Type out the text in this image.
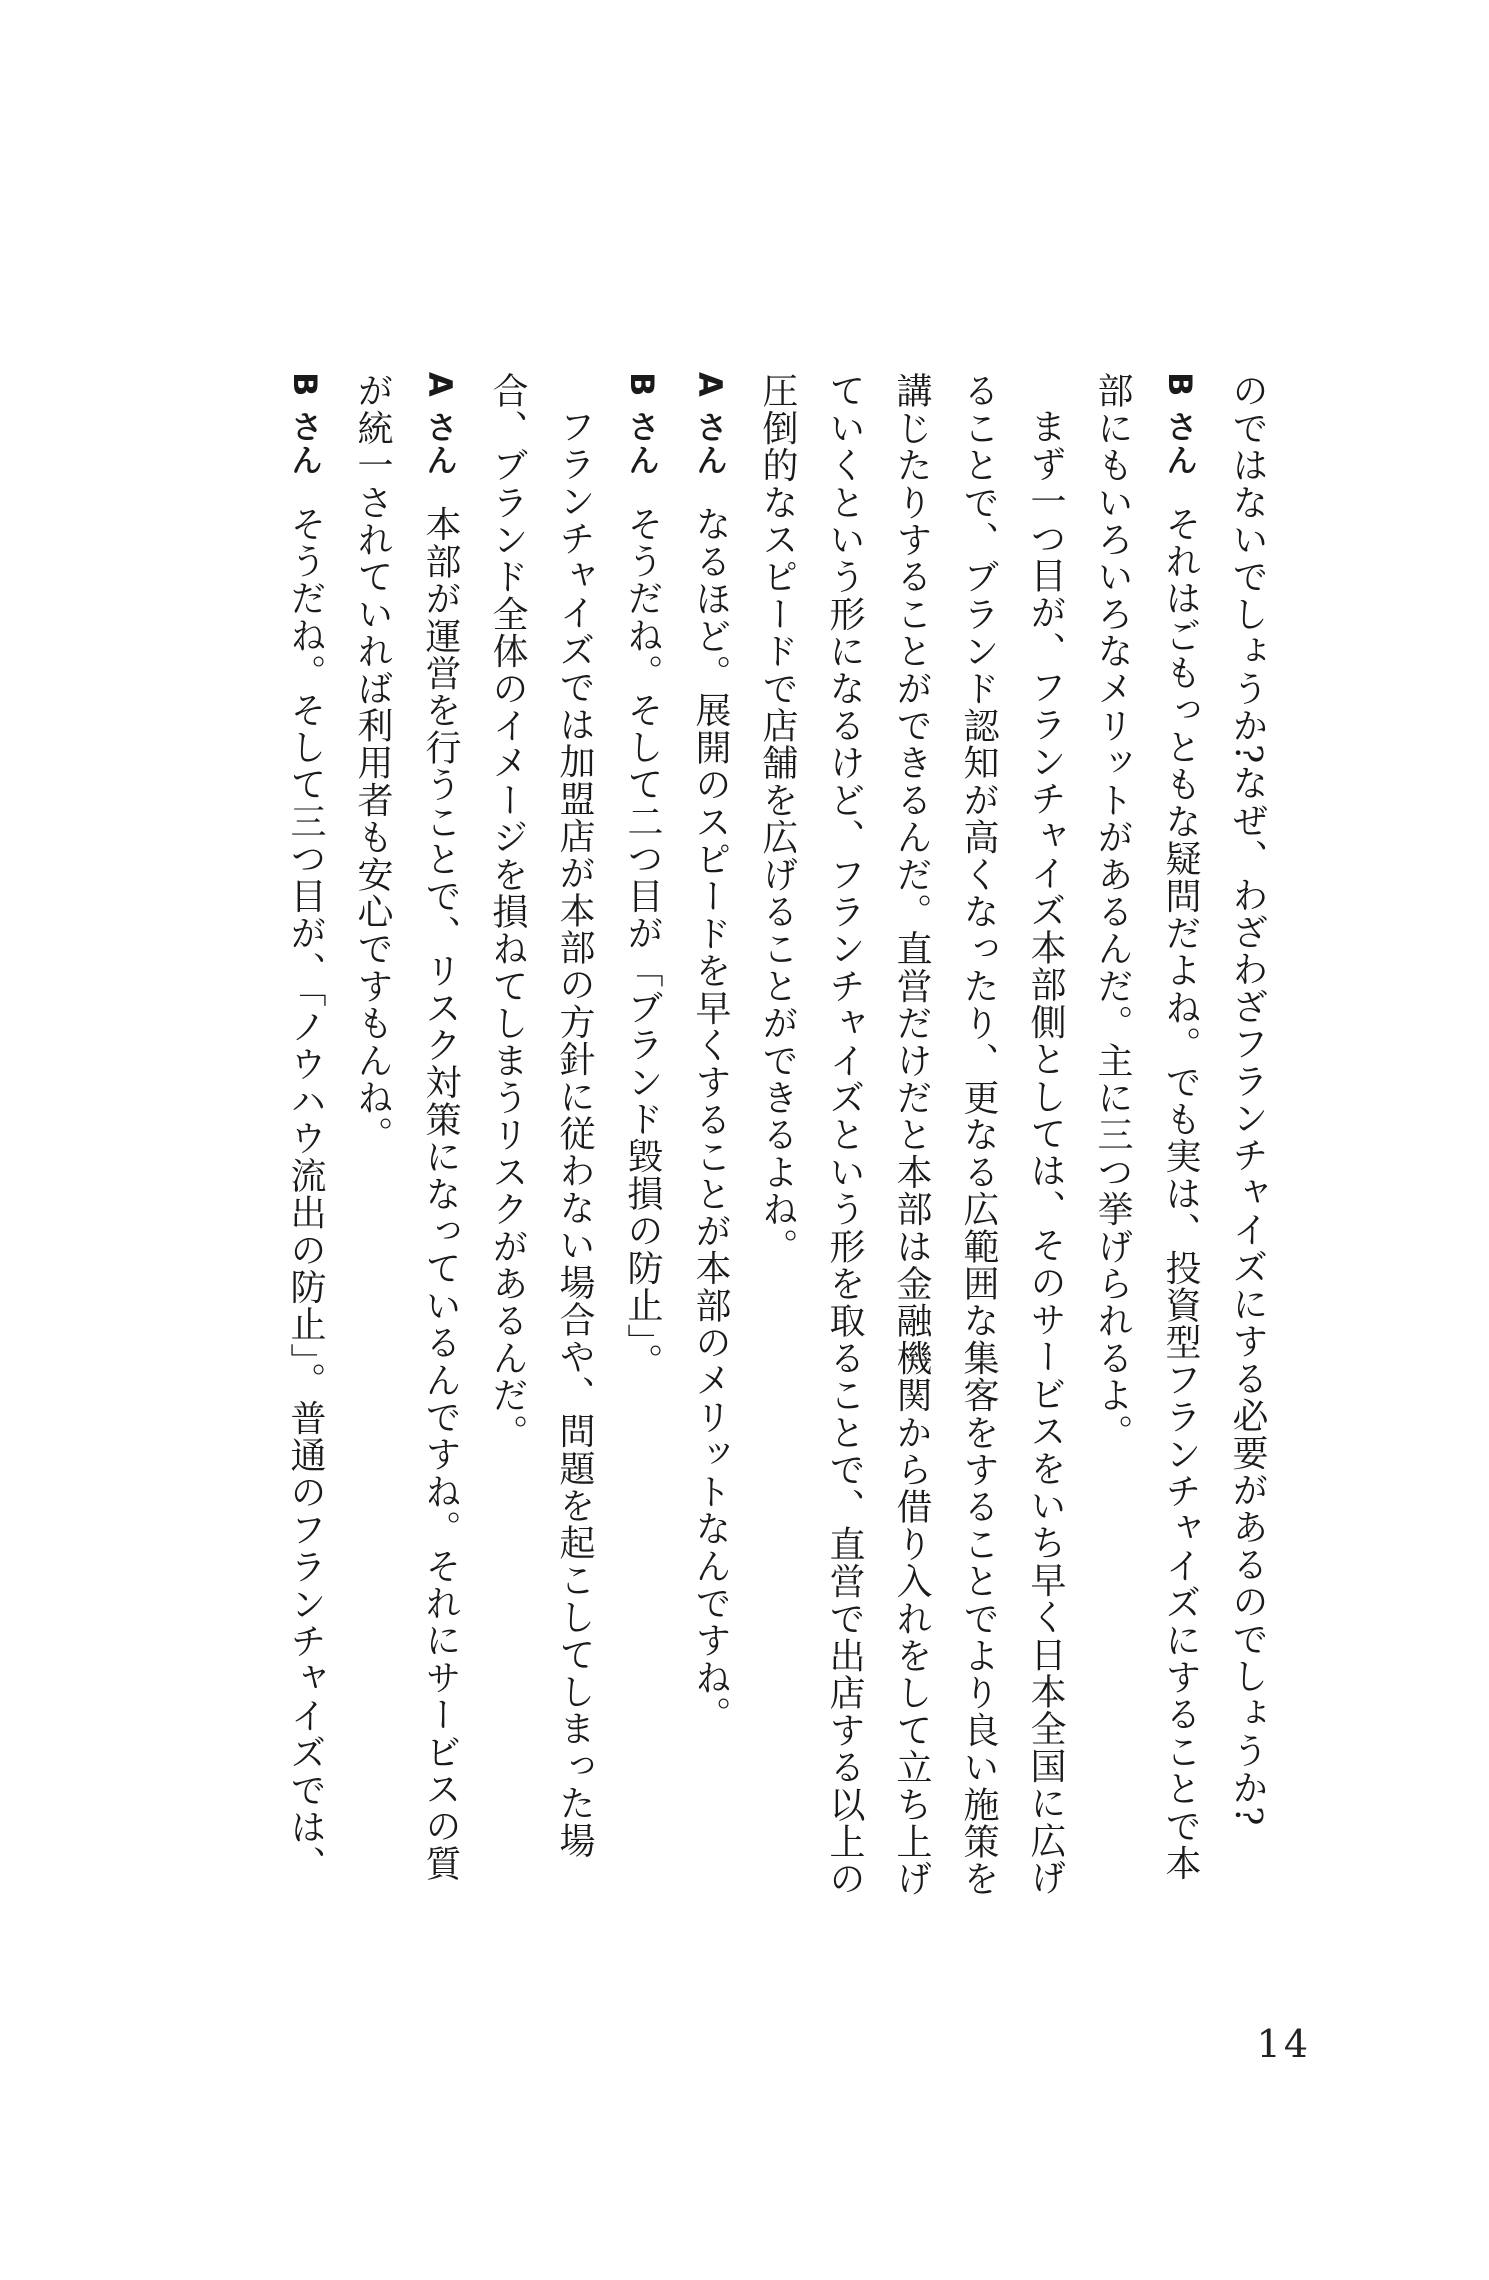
のではないでしょうか?なぜ、わざわざフランチャイズにする必要があるのでしょうか?

B さんそれはごもっともな疑問だよね。でも実は、投資型フランチャイズにすることで本部にもいろいろなメリットがあるんだ。主に三つ挙げられるよ。

まず一つ目が、フランチャイズ本部側としては、そのサービスをいち早く日本全国に広げることで、ブランド認知が高くなったり、更なる広範囲な集客をすることでより良い施策を講じたりすることができるんだ。直営だけだと本部は金融機関から借り入れをして立ち上げていくという形になるけど、フランチャイズという形を取ることで、直営で出店する以上の圧倒的なスピードで店舗を広げることができるよね。

A さんなるほど。展開のスピードを早くすることが本部のメリットなんですね。

B さんそうだね。そして二つ目が「ブランド毀損の防止」。

フランチャイズでは加盟店が本部の方針に従わない場合や、問題を起こしてしまった場合、ブランド全体のイメージを損ねてしまうリスクがあるんだ。

A さん本部が運営を行うことで、リスク対策になっているんですね。それにサービスの質が統一されていれば利用者も安心ですもんね。

B さんそうだね。そして三つ目が、「ノウハウ流出の防止」。普通のフランチャイズでは、

14
